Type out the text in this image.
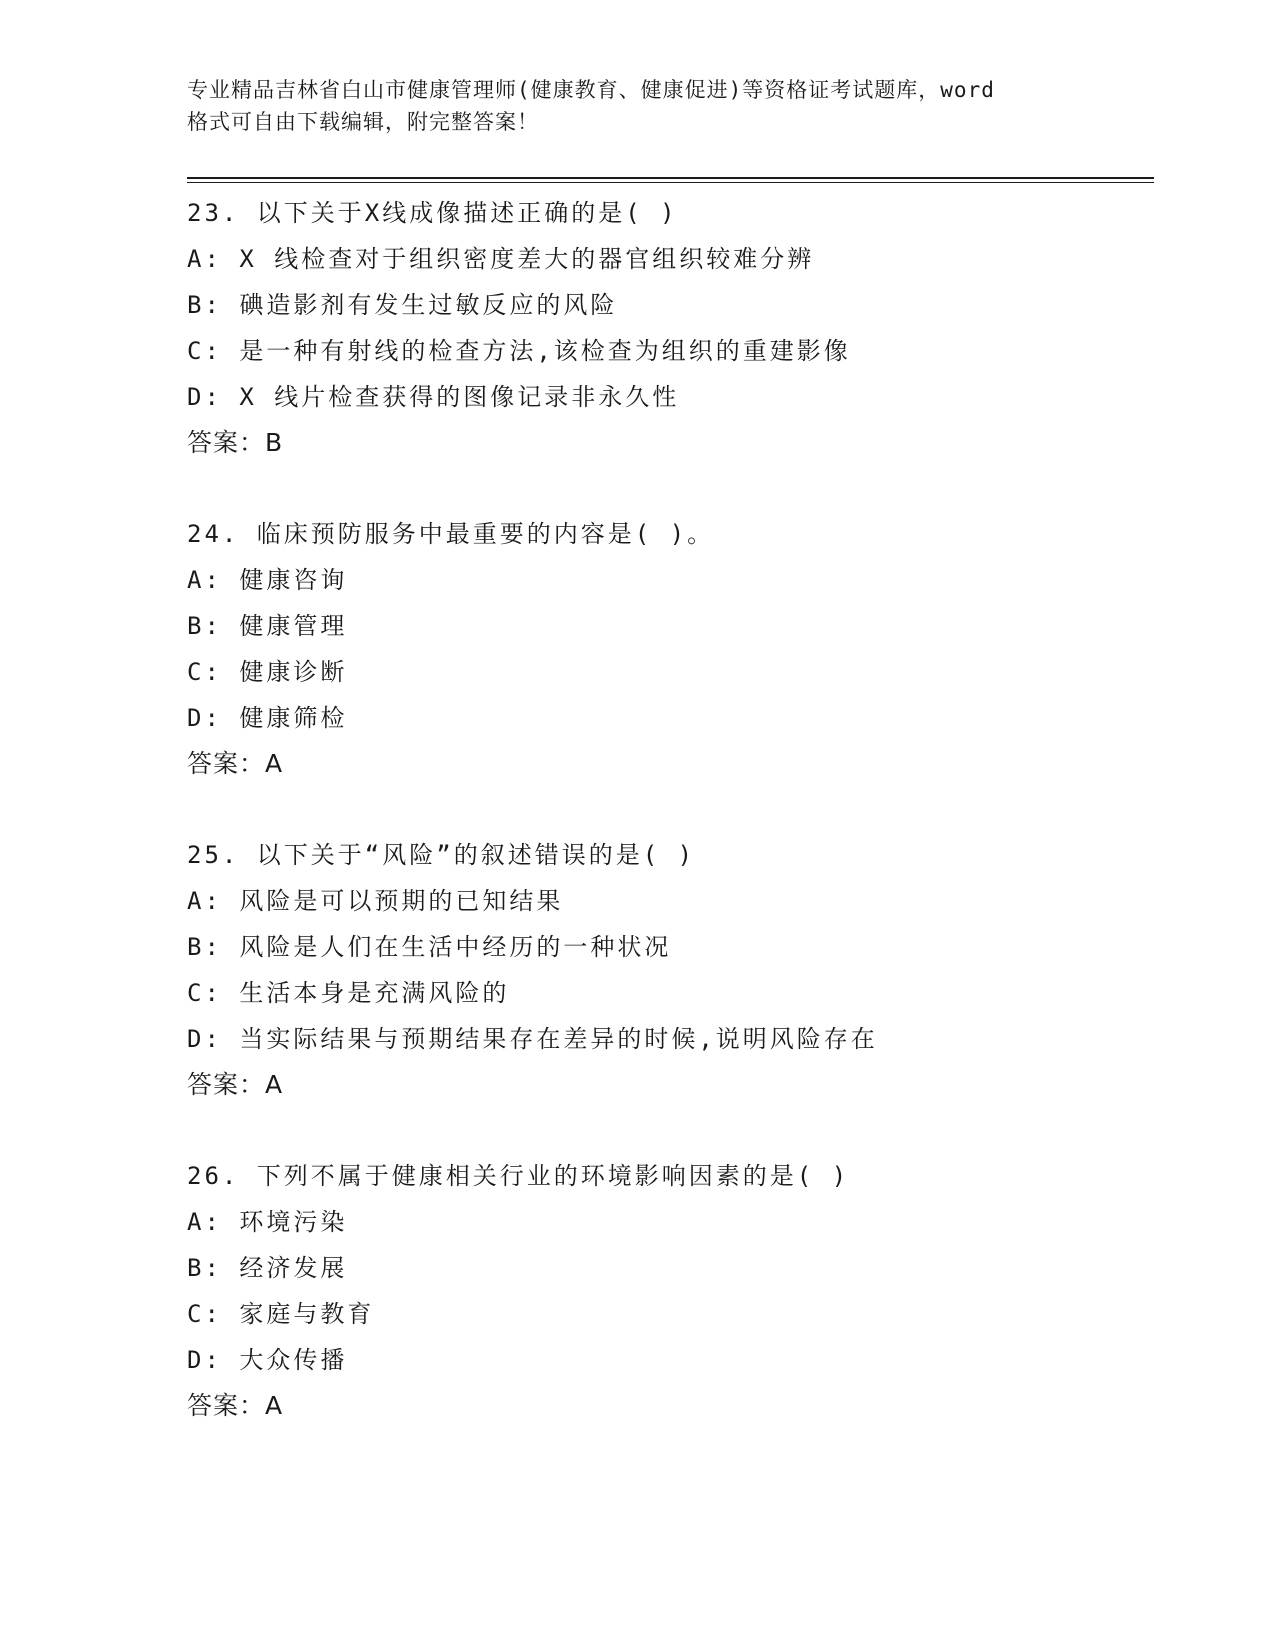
专业精品吉林省白山市健康管理师(健康教育、健康促进)等资格证考试题库，word

格式可自由下载编辑，附完整答案！

23. 以下关于X线成像描述正确的是( )
A: X 线检查对于组织密度差大的器官组织较难分辨
B: 碘造影剂有发生过敏反应的风险
C: 是一种有射线的检查方法,该检查为组织的重建影像
D: X 线片检查获得的图像记录非永久性
答案：B
24. 临床预防服务中最重要的内容是( )。
A: 健康咨询
B: 健康管理
C: 健康诊断
D: 健康筛检
答案：A
25. 以下关于“风险”的叙述错误的是( )
A: 风险是可以预期的已知结果
B: 风险是人们在生活中经历的一种状况
C: 生活本身是充满风险的
D: 当实际结果与预期结果存在差异的时候,说明风险存在
答案：A
26. 下列不属于健康相关行业的环境影响因素的是( )
A: 环境污染
B: 经济发展
C: 家庭与教育
D: 大众传播
答案：A
